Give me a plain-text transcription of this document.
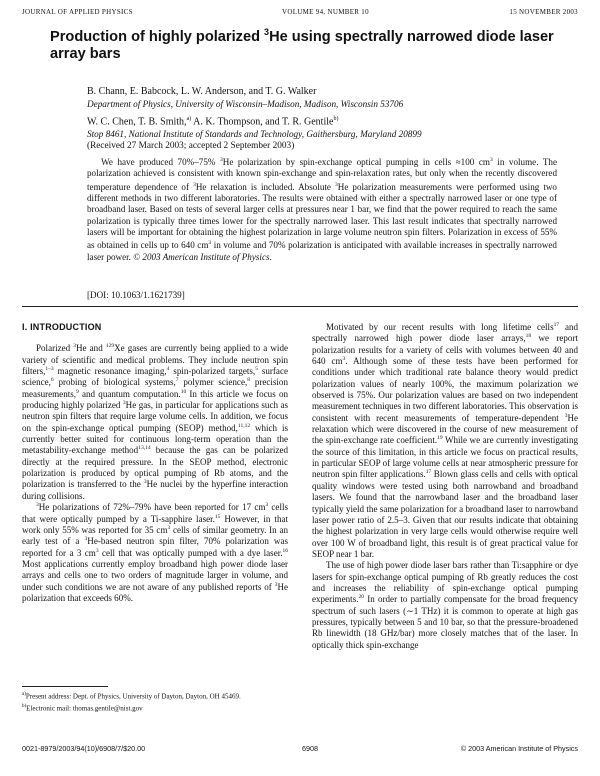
JOURNAL OF APPLIED PHYSICS	VOLUME 94, NUMBER 10	15 NOVEMBER 2003
Production of highly polarized $^3$He using spectrally narrowed diode laser array bars
B. Chann, E. Babcock, L. W. Anderson, and T. G. Walker
Department of Physics, University of Wisconsin–Madison, Madison, Wisconsin 53706
W. C. Chen, T. B. Smith,$^{a)}$ A. K. Thompson, and T. R. Gentile$^{b)}$
Stop 8461, National Institute of Standards and Technology, Gaithersburg, Maryland 20899
(Received 27 March 2003; accepted 2 September 2003)

We have produced 70%–75% $^3$He polarization by spin-exchange optical pumping in cells ≈100 $cm^3$ in volume. The polarization achieved is consistent with known spin-exchange and spin-relaxation rates, but only when the recently discovered temperature dependence of $^3$He relaxation is included. Absolute $^3$He polarization measurements were performed using two different methods in two different laboratories. The results were obtained with either a spectrally narrowed laser or one type of broadband laser. Based on tests of several larger cells at pressures near 1 bar, we find that the power required to reach the same polarization is typically three times lower for the spectrally narrowed laser. This last result indicates that spectrally narrowed lasers will be important for obtaining the highest polarization in large volume neutron spin filters. Polarization in excess of 55% as obtained in cells up to 640 $cm^3$ in volume and 70% polarization is anticipated with available increases in spectrally narrowed laser power. © 2003 American Institute of Physics.

[DOI: 10.1063/1.1621739]
I. INTRODUCTION

Polarized $^3$He and $^{129}$Xe gases are currently being applied to a wide variety of scientific and medical problems. They include neutron spin filters,$^{1-3}$ magnetic resonance imaging,$^4$ spin-polarized targets,$^5$ surface science,$^6$ probing of biological systems,$^7$ polymer science,$^8$ precision measurements,$^9$ and quantum computation.$^{10}$ In this article we focus on producing highly polarized $^3$He gas, in particular for applications such as neutron spin filters that require large volume cells. In addition, we focus on the spin-exchange optical pumping (SEOP) method,$^{11,12}$ which is currently better suited for continuous long-term operation than the metastability-exchange method$^{13,14}$ because the gas can be polarized directly at the required pressure. In the SEOP method, electronic polarization is produced by optical pumping of Rb atoms, and the polarization is transferred to the $^3$He nuclei by the hyperfine interaction during collisions.

$^3$He polarizations of 72%–79% have been reported for 17 $cm^3$ cells that were optically pumped by a Ti-sapphire laser.$^{15}$ However, in that work only 55% was reported for 35 $cm^3$ cells of similar geometry. In an early test of a $^3$He-based neutron spin filter, 70% polarization was reported for a 3 $cm^3$ cell that was optically pumped with a dye laser.$^{16}$ Most applications currently employ broadband high power diode laser arrays and cells one to two orders of magnitude larger in volume, and under such conditions we are not aware of any published reports of $^3$He polarization that exceeds 60%.

Motivated by our recent results with long lifetime cells$^{17}$ and spectrally narrowed high power diode laser arrays,$^{18}$ we report polarization results for a variety of cells with volumes between 40 and 640 $cm^3$. Although some of these tests have been performed for conditions under which traditional rate balance theory would predict polarization values of nearly 100%, the maximum polarization we observed is 75%. Our polarization values are based on two independent measurement techniques in two different laboratories. This observation is consistent with recent measurements of temperature-dependent $^3$He relaxation which were discovered in the course of new measurement of the spin-exchange rate coefficient.$^{19}$ While we are currently investigating the source of this limitation, in this article we focus on practical results, in particular SEOP of large volume cells at near atmospheric pressure for neutron spin filter applications.$^{17}$ Blown glass cells and cells with optical quality windows were tested using both narrowband and broadband lasers. We found that the narrowband laser and the broadband laser typically yield the same polarization for a broadband laser to narrowband laser power ratio of 2.5–3. Given that our results indicate that obtaining the highest polarization in very large cells would otherwise require well over 100 W of broadband light, this result is of great practical value for SEOP near 1 bar.

The use of high power diode laser bars rather than Ti:sapphire or dye lasers for spin-exchange optical pumping of Rb greatly reduces the cost and increases the reliability of spin-exchange optical pumping experiments.$^{20}$ In order to partially compensate for the broad frequency spectrum of such lasers (∼1 THz) it is common to operate at high gas pressures, typically between 5 and 10 bar, so that the pressure-broadened Rb linewidth (18 GHz/bar) more closely matches that of the laser. In optically thick spin-exchange

$^{a)}$Present address: Dept. of Physics, University of Dayton, Dayton, OH 45469.

$^{b)}$Electronic mail: thomas.gentile@nist.gov

0021-8979/2003/94(10)/6908/7/$20.00	6908	© 2003 American Institute of Physics
